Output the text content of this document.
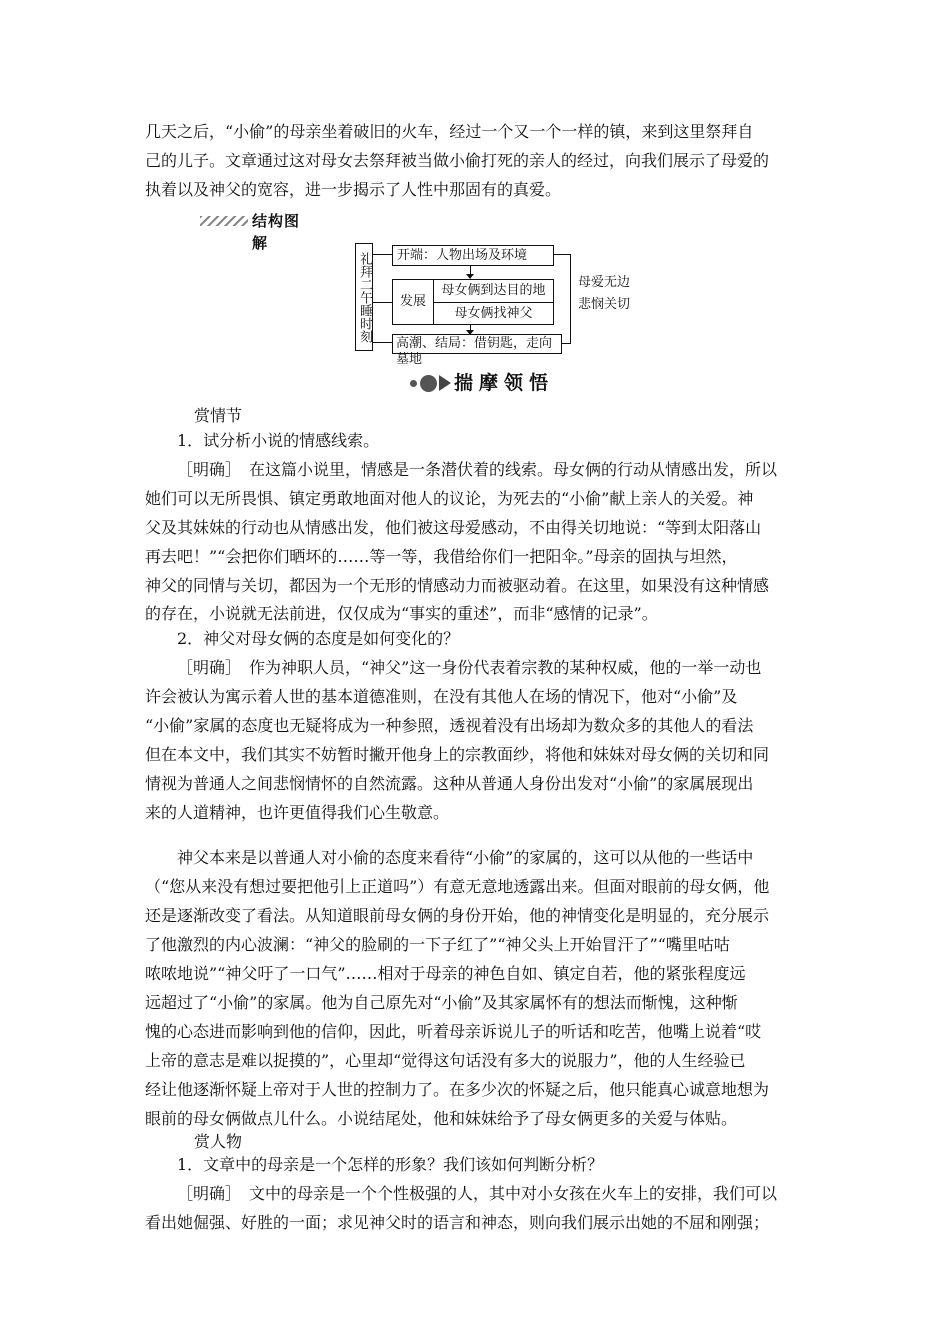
几天之后，“小偷”的母亲坐着破旧的火车，经过一个又一个一样的镇，来到这里祭拜自

己的儿子。文章通过这对母女去祭拜被当做小偷打死的亲人的经过，向我们展示了母爱的

执着以及神父的宽容，进一步揭示了人性中那固有的真爱。

结构图解
礼拜二午睡时刻	开端：人物出场及环境
发展
母女俩到达目的地
母女俩找神父
高潮、结局：借钥匙，走向墓地
母爱无边
悲悯关切
揣摩领悟
赏情节

1．试分析小说的情感线索。

［明确］　在这篇小说里，情感是一条潜伏着的线索。母女俩的行动从情感出发，所以

她们可以无所畏惧、镇定勇敢地面对他人的议论，为死去的“小偷”献上亲人的关爱。神

父及其妹妹的行动也从情感出发，他们被这母爱感动，不由得关切地说：“等到太阳落山

再去吧！”“会把你们晒坏的……等一等，我借给你们一把阳伞。”母亲的固执与坦然，

神父的同情与关切，都因为一个无形的情感动力而被驱动着。在这里，如果没有这种情感

的存在，小说就无法前进，仅仅成为“事实的重述”，而非“感情的记录”。

2．神父对母女俩的态度是如何变化的？

［明确］　作为神职人员，“神父”这一身份代表着宗教的某种权威，他的一举一动也

许会被认为寓示着人世的基本道德准则，在没有其他人在场的情况下，他对“小偷”及

“小偷”家属的态度也无疑将成为一种参照，透视着没有出场却为数众多的其他人的看法

但在本文中，我们其实不妨暂时撇开他身上的宗教面纱，将他和妹妹对母女俩的关切和同

情视为普通人之间悲悯情怀的自然流露。这种从普通人身份出发对“小偷”的家属展现出

来的人道精神，也许更值得我们心生敬意。

神父本来是以普通人对小偷的态度来看待“小偷”的家属的，这可以从他的一些话中

（“您从来没有想过要把他引上正道吗”）有意无意地透露出来。但面对眼前的母女俩，他

还是逐渐改变了看法。从知道眼前母女俩的身份开始，他的神情变化是明显的，充分展示

了他激烈的内心波澜：“神父的脸刷的一下子红了”“神父头上开始冒汗了”“嘴里咕咕

哝哝地说”“神父吁了一口气”……相对于母亲的神色自如、镇定自若，他的紧张程度远

远超过了“小偷”的家属。他为自己原先对“小偷”及其家属怀有的想法而惭愧，这种惭

愧的心态进而影响到他的信仰，因此，听着母亲诉说儿子的听话和吃苦，他嘴上说着“哎

上帝的意志是难以捉摸的”，心里却“觉得这句话没有多大的说服力”，他的人生经验已

经让他逐渐怀疑上帝对于人世的控制力了。在多少次的怀疑之后，他只能真心诚意地想为

眼前的母女俩做点儿什么。小说结尾处，他和妹妹给予了母女俩更多的关爱与体贴。

赏人物

1．文章中的母亲是一个怎样的形象？我们该如何判断分析？

［明确］　文中的母亲是一个个性极强的人，其中对小女孩在火车上的安排，我们可以

看出她倔强、好胜的一面；求见神父时的语言和神态，则向我们展示出她的不屈和刚强；
